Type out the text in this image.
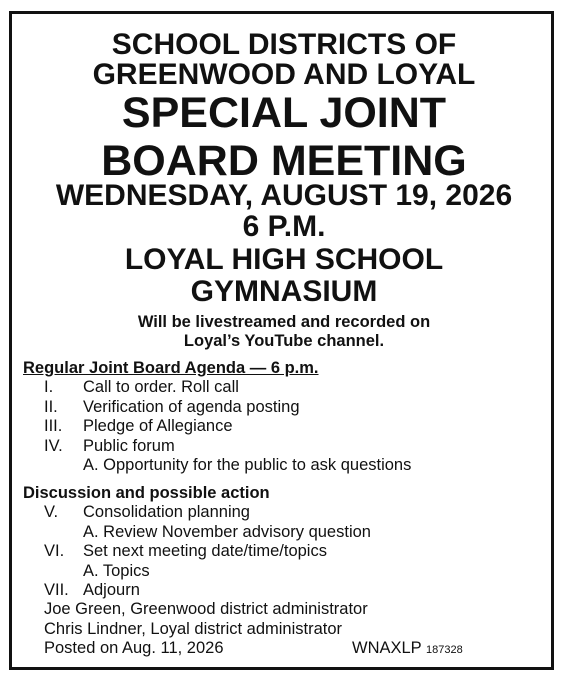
SCHOOL DISTRICTS OF
GREENWOOD AND LOYAL
SPECIAL JOINT
BOARD MEETING
WEDNESDAY, AUGUST 19, 2026
6 P.M.
LOYAL HIGH SCHOOL
GYMNASIUM
Will be livestreamed and recorded on
Loyal’s YouTube channel.
Regular Joint Board Agenda — 6 p.m.
I. Call to order. Roll call
II. Verification of agenda posting
III. Pledge of Allegiance
IV. Public forum
A. Opportunity for the public to ask questions
Discussion and possible action
V. Consolidation planning
A. Review November advisory question
VI. Set next meeting date/time/topics
A. Topics
VII. Adjourn
Joe Green, Greenwood district administrator
Chris Lindner, Loyal district administrator
Posted on Aug. 11, 2026	WNAXLP 187328
